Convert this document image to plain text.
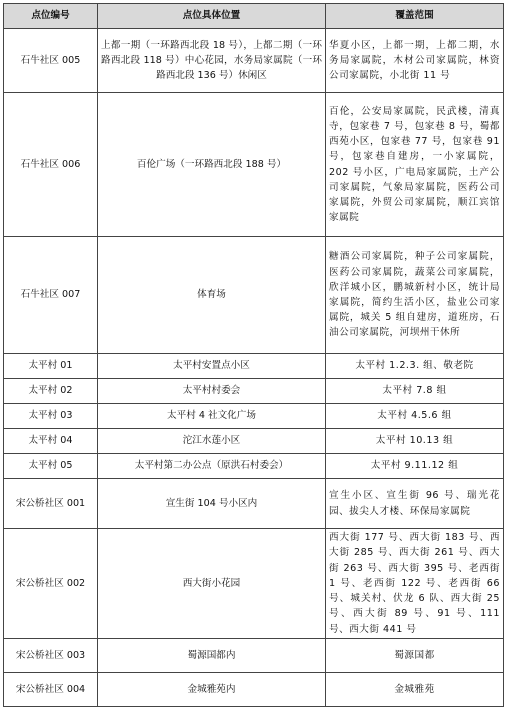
点位编号	点位具体位置	覆盖范围
石牛社区 005	上都一期（一环路西北段 18 号），上都二期（一环路西北段 118 号）中心花园，水务局家属院（一环路西北段 136 号）休闲区	华夏小区，上都一期，上都二期，水务局家属院，木材公司家属院，林资公司家属院，小北街 11 号
石牛社区 006	百伦广场（一环路西北段 188 号）	百伦，公安局家属院，民武楼，清真寺，包家巷 7 号，包家巷 8 号，蜀都西苑小区，包家巷 77 号，包家巷 91 号，包家巷自建房，一小家属院，202 号小区，广电局家属院，土产公司家属院，气象局家属院，医药公司家属院，外贸公司家属院，顺江宾馆家属院
石牛社区 007	体育场	糖酒公司家属院，种子公司家属院，医药公司家属院，蔬菜公司家属院，欣洋城小区，鹏城新村小区，统计局家属院，简约生活小区，盐业公司家属院，城关 5 组自建房，道班房，石油公司家属院，河坝州干休所
太平村 01	太平村安置点小区	太平村 1.2.3. 组、敬老院
太平村 02	太平村村委会	太平村 7.8 组
太平村 03	太平村 4 社文化广场	太平村 4.5.6 组
太平村 04	沱江水莲小区	太平村 10.13 组
太平村 05	太平村第二办公点（原洪石村委会）	太平村 9.11.12 组
宋公桥社区 001	宣生街 104 号小区内	宣生小区、宣生街 96 号、瑞光花园、拔尖人才楼、环保局家属院
宋公桥社区 002	西大街小花园	西大街 177 号、西大街 183 号、西大街 285 号、西大街 261 号、西大街 263 号、西大街 395 号、老西街 1 号、老西街 122 号、老西街 66 号、城关村、伏龙 6 队、西大街 25 号、西大街 89 号、91 号、111 号、西大街 441 号
宋公桥社区 003	蜀源国都内	蜀源国都
宋公桥社区 004	金城雅苑内	金城雅苑
